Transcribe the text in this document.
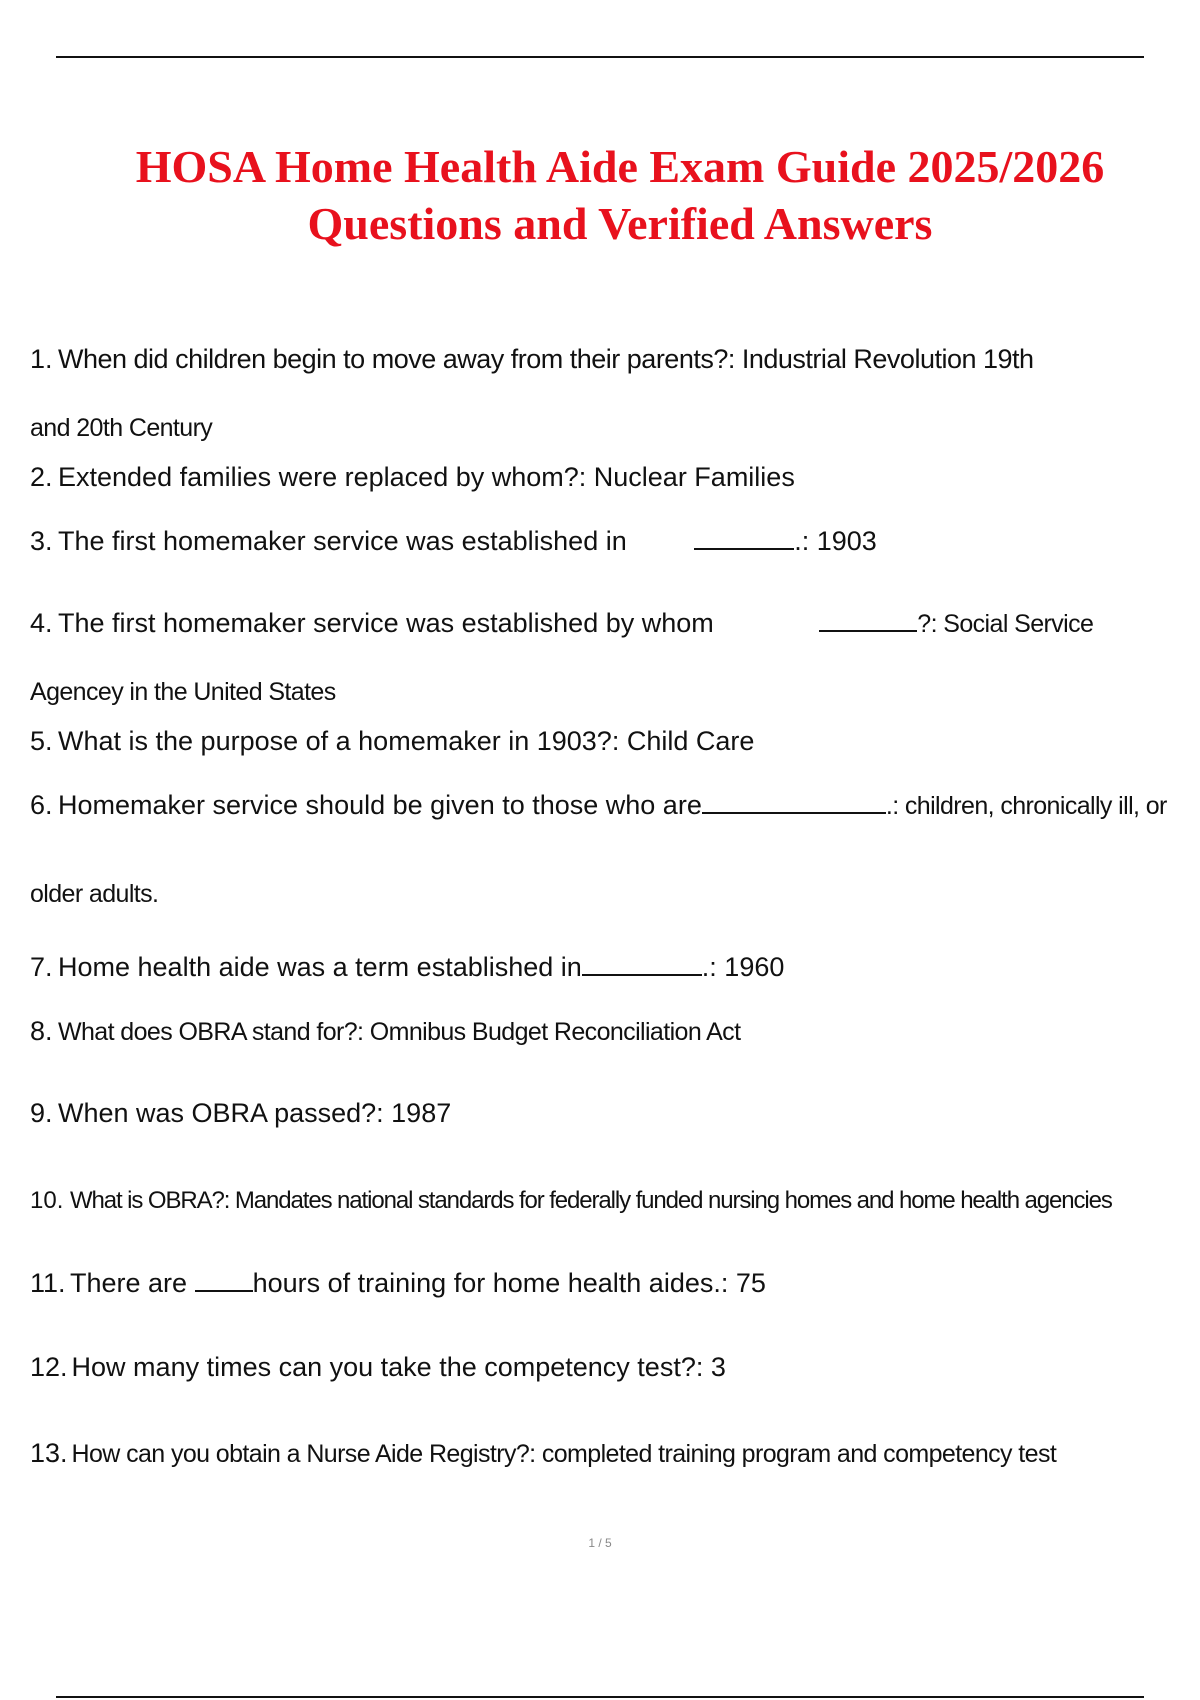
HOSA Home Health Aide Exam Guide 2025/2026
Questions and Verified Answers
1. When did children begin to move away from their parents?: Industrial Revolution 19th
and 20th Century
2. Extended families were replaced by whom?: Nuclear Families
3. The first homemaker service was established in	.: 1903
4. The first homemaker service was established by whom	?: Social Service
Agencey in the United States
5. What is the purpose of a homemaker in 1903?: Child Care
6. Homemaker service should be given to those who are	.: children, chronically ill, or
older adults.
7. Home health aide was a term established in	.: 1960
8. What does OBRA stand for?: Omnibus Budget Reconciliation Act
9. When was OBRA passed?: 1987
10. What is OBRA?: Mandates national standards for federally funded nursing homes and home health agencies
11. There are hours of training for home health aides.: 75
12. How many times can you take the competency test?: 3
13. How can you obtain a Nurse Aide Registry?: completed training program and competency test
1 / 5
